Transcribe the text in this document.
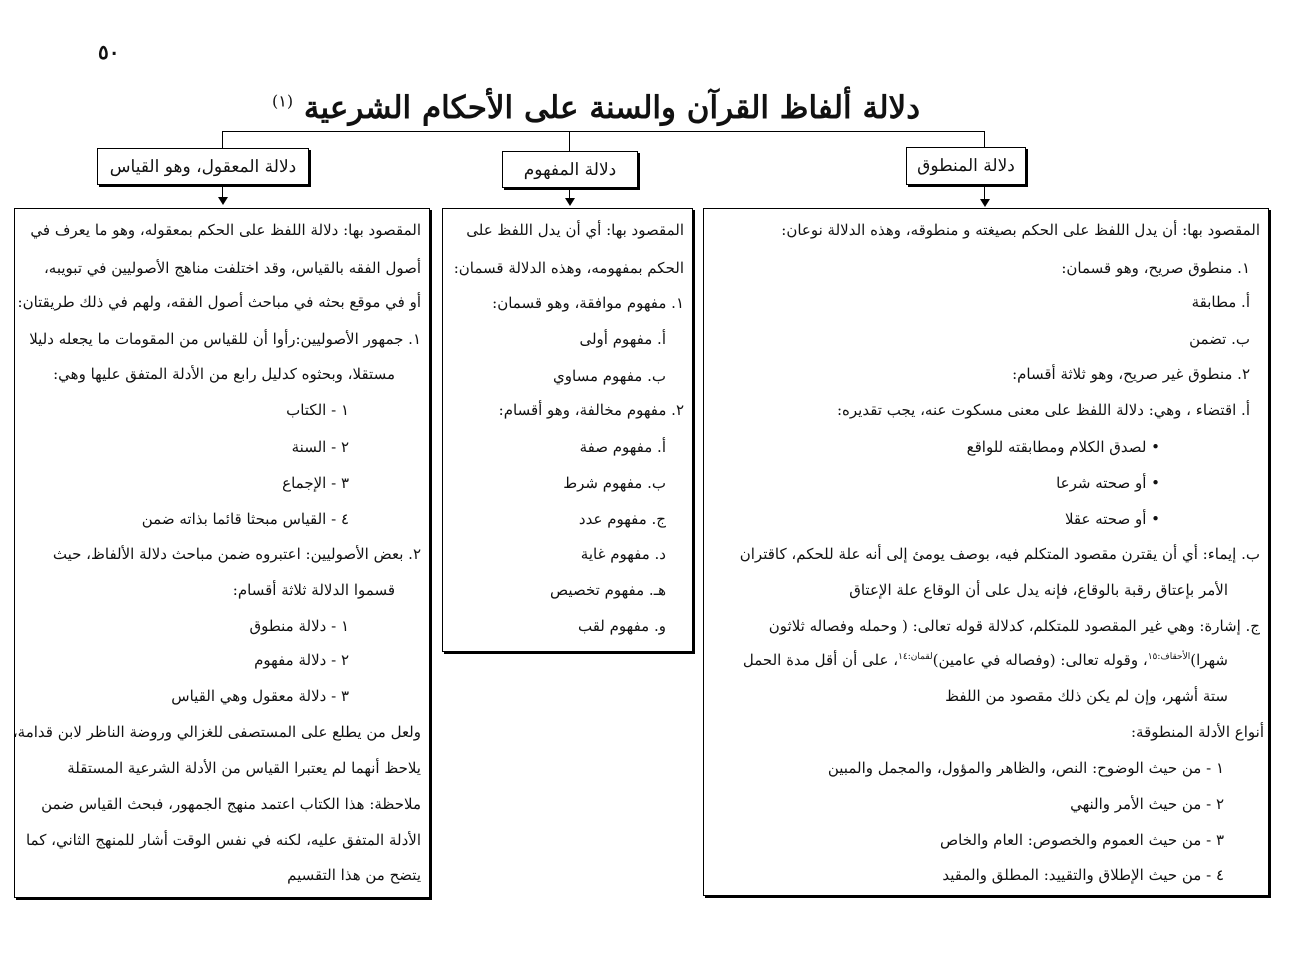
٥٠
دلالة ألفاظ القرآن والسنة على الأحكام الشرعية $^{(١)}$
دلالة المنطوق
دلالة المفهوم
دلالة المعقول، وهو القياس
المقصود بها: أن يدل اللفظ على الحكم بصيغته و منطوقه، وهذه الدلالة نوعان:
١. منطوق صريح، وهو قسمان:
أ. مطابقة
ب. تضمن
٢. منطوق غير صريح، وهو ثلاثة أقسام:
أ. اقتضاء ، وهي: دلالة اللفظ على معنى مسكوت عنه، يجب تقديره:
• لصدق الكلام ومطابقته للواقع
• أو صحته شرعا
• أو صحته عقلا
ب. إيماء: أي أن يقترن مقصود المتكلم فيه، بوصف يومئ إلى أنه علة للحكم، كاقتران
الأمر بإعتاق رقبة بالوقاع، فإنه يدل على أن الوقاع علة الإعتاق
ج. إشارة: وهي غير المقصود للمتكلم، كدلالة قوله تعالى: ( وحمله وفصاله ثلاثون
شهرا)$^{الأحقاف:١٥}$، وقوله تعالى: (وفصاله في عامين)$^{لقمان:١٤}$، على أن أقل مدة الحمل
ستة أشهر، وإن لم يكن ذلك مقصود من اللفظ
أنواع الأدلة المنطوقة:
١ - من حيث الوضوح: النص، والظاهر والمؤول، والمجمل والمبين
٢ - من حيث الأمر والنهي
٣ - من حيث العموم والخصوص: العام والخاص
٤ - من حيث الإطلاق والتقييد: المطلق والمقيد
المقصود بها: أي أن يدل اللفظ على
الحكم بمفهومه، وهذه الدلالة قسمان:
١. مفهوم موافقة، وهو قسمان:
أ. مفهوم أولى
ب. مفهوم مساوي
٢. مفهوم مخالفة، وهو أقسام:
أ. مفهوم صفة
ب. مفهوم شرط
ج. مفهوم عدد
د. مفهوم غاية
هـ. مفهوم تخصيص
و. مفهوم لقب
المقصود بها: دلالة اللفظ على الحكم بمعقوله، وهو ما يعرف في
أصول الفقه بالقياس، وقد اختلفت مناهج الأصوليين في تبويبه،
أو في موقع بحثه في مباحث أصول الفقه، ولهم في ذلك طريقتان:
١. جمهور الأصوليين:رأوا أن للقياس من المقومات ما يجعله دليلا
مستقلا، وبحثوه كدليل رابع من الأدلة المتفق عليها وهي:
١ - الكتاب
٢ - السنة
٣ - الإجماع
٤ - القياس مبحثا قائما بذاته ضمن
٢. بعض الأصوليين: اعتبروه ضمن مباحث دلالة الألفاظ، حيث
قسموا الدلالة ثلاثة أقسام:
١ - دلالة منطوق
٢ - دلالة مفهوم
٣ - دلالة معقول وهي القياس
ولعل من يطلع على المستصفى للغزالي وروضة الناظر لابن قدامة،
يلاحظ أنهما لم يعتبرا القياس من الأدلة الشرعية المستقلة
ملاحظة: هذا الكتاب اعتمد منهج الجمهور، فبحث القياس ضمن
الأدلة المتفق عليه، لكنه في نفس الوقت أشار للمنهج الثاني، كما
يتضح من هذا التقسيم
